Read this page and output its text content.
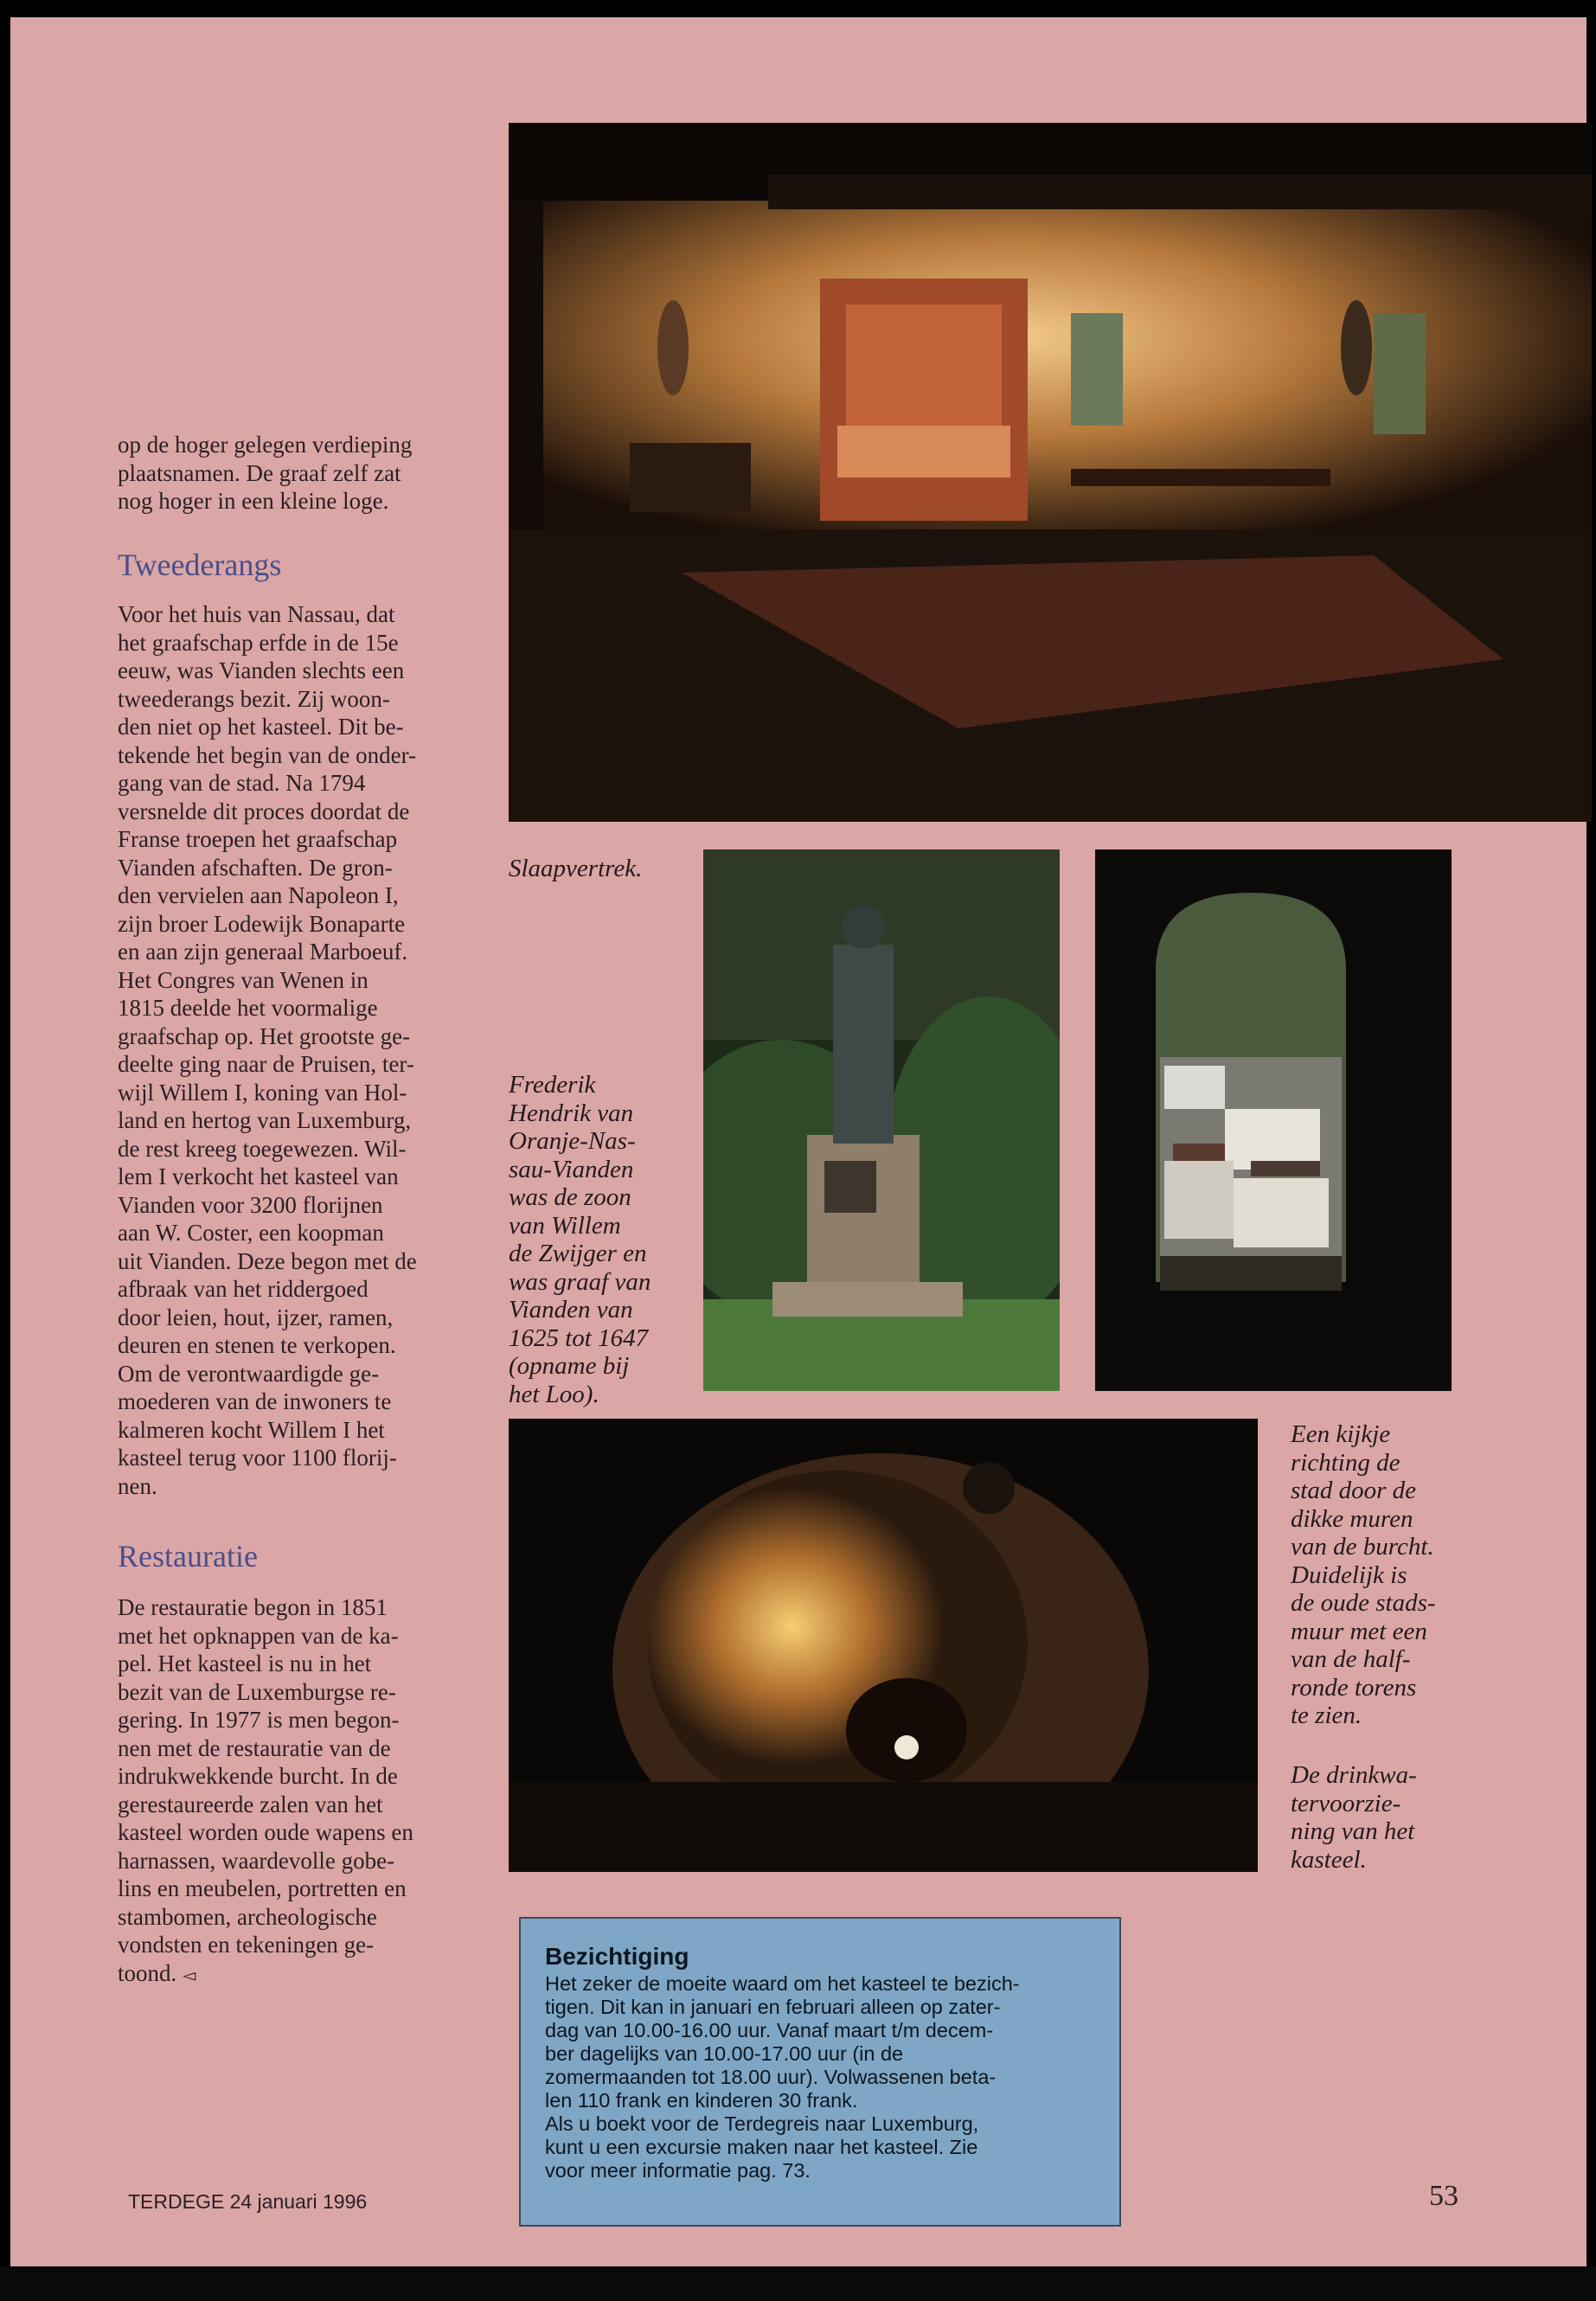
op de hoger gelegen verdieping
plaatsnamen. De graaf zelf zat
nog hoger in een kleine loge.

Tweederangs

Voor het huis van Nassau, dat
het graafschap erfde in de 15e
eeuw, was Vianden slechts een
tweederangs bezit. Zij woon-
den niet op het kasteel. Dit be-
tekende het begin van de onder-
gang van de stad. Na 1794
versnelde dit proces doordat de
Franse troepen het graafschap
Vianden afschaften. De gron-
den vervielen aan Napoleon I,
zijn broer Lodewijk Bonaparte
en aan zijn generaal Marboeuf.
Het Congres van Wenen in
1815 deelde het voormalige
graafschap op. Het grootste ge-
deelte ging naar de Pruisen, ter-
wijl Willem I, koning van Hol-
land en hertog van Luxemburg,
de rest kreeg toegewezen. Wil-
lem I verkocht het kasteel van
Vianden voor 3200 florijnen
aan W. Coster, een koopman
uit Vianden. Deze begon met de
afbraak van het riddergoed
door leien, hout, ijzer, ramen,
deuren en stenen te verkopen.
Om de verontwaardigde ge-
moederen van de inwoners te
kalmeren kocht Willem I het
kasteel terug voor 1100 florij-
nen.

Restauratie

De restauratie begon in 1851
met het opknappen van de ka-
pel. Het kasteel is nu in het
bezit van de Luxemburgse re-
gering. In 1977 is men begon-
nen met de restauratie van de
indrukwekkende burcht. In de
gerestaureerde zalen van het
kasteel worden oude wapens en
harnassen, waardevolle gobe-
lins en meubelen, portretten en
stambomen, archeologische
vondsten en tekeningen ge-
toond. ◅

Slaapvertrek.

Frederik
Hendrik van
Oranje-Nas-
sau-Vianden
was de zoon
van Willem
de Zwijger en
was graaf van
Vianden van
1625 tot 1647
(opname bij
het Loo).

Een kijkje
richting de
stad door de
dikke muren
van de burcht.
Duidelijk is
de oude stads-
muur met een
van de half-
ronde torens
te zien.

De drinkwa-
tervoorzie-
ning van het
kasteel.

Bezichtiging

Het zeker de moeite waard om het kasteel te bezich-
tigen. Dit kan in januari en februari alleen op zater-
dag van 10.00-16.00 uur. Vanaf maart t/m decem-
ber dagelijks van 10.00-17.00 uur (in de
zomermaanden tot 18.00 uur). Volwassenen beta-
len 110 frank en kinderen 30 frank.
Als u boekt voor de Terdegreis naar Luxemburg,
kunt u een excursie maken naar het kasteel. Zie
voor meer informatie pag. 73.

TERDEGE 24 januari 1996	53
